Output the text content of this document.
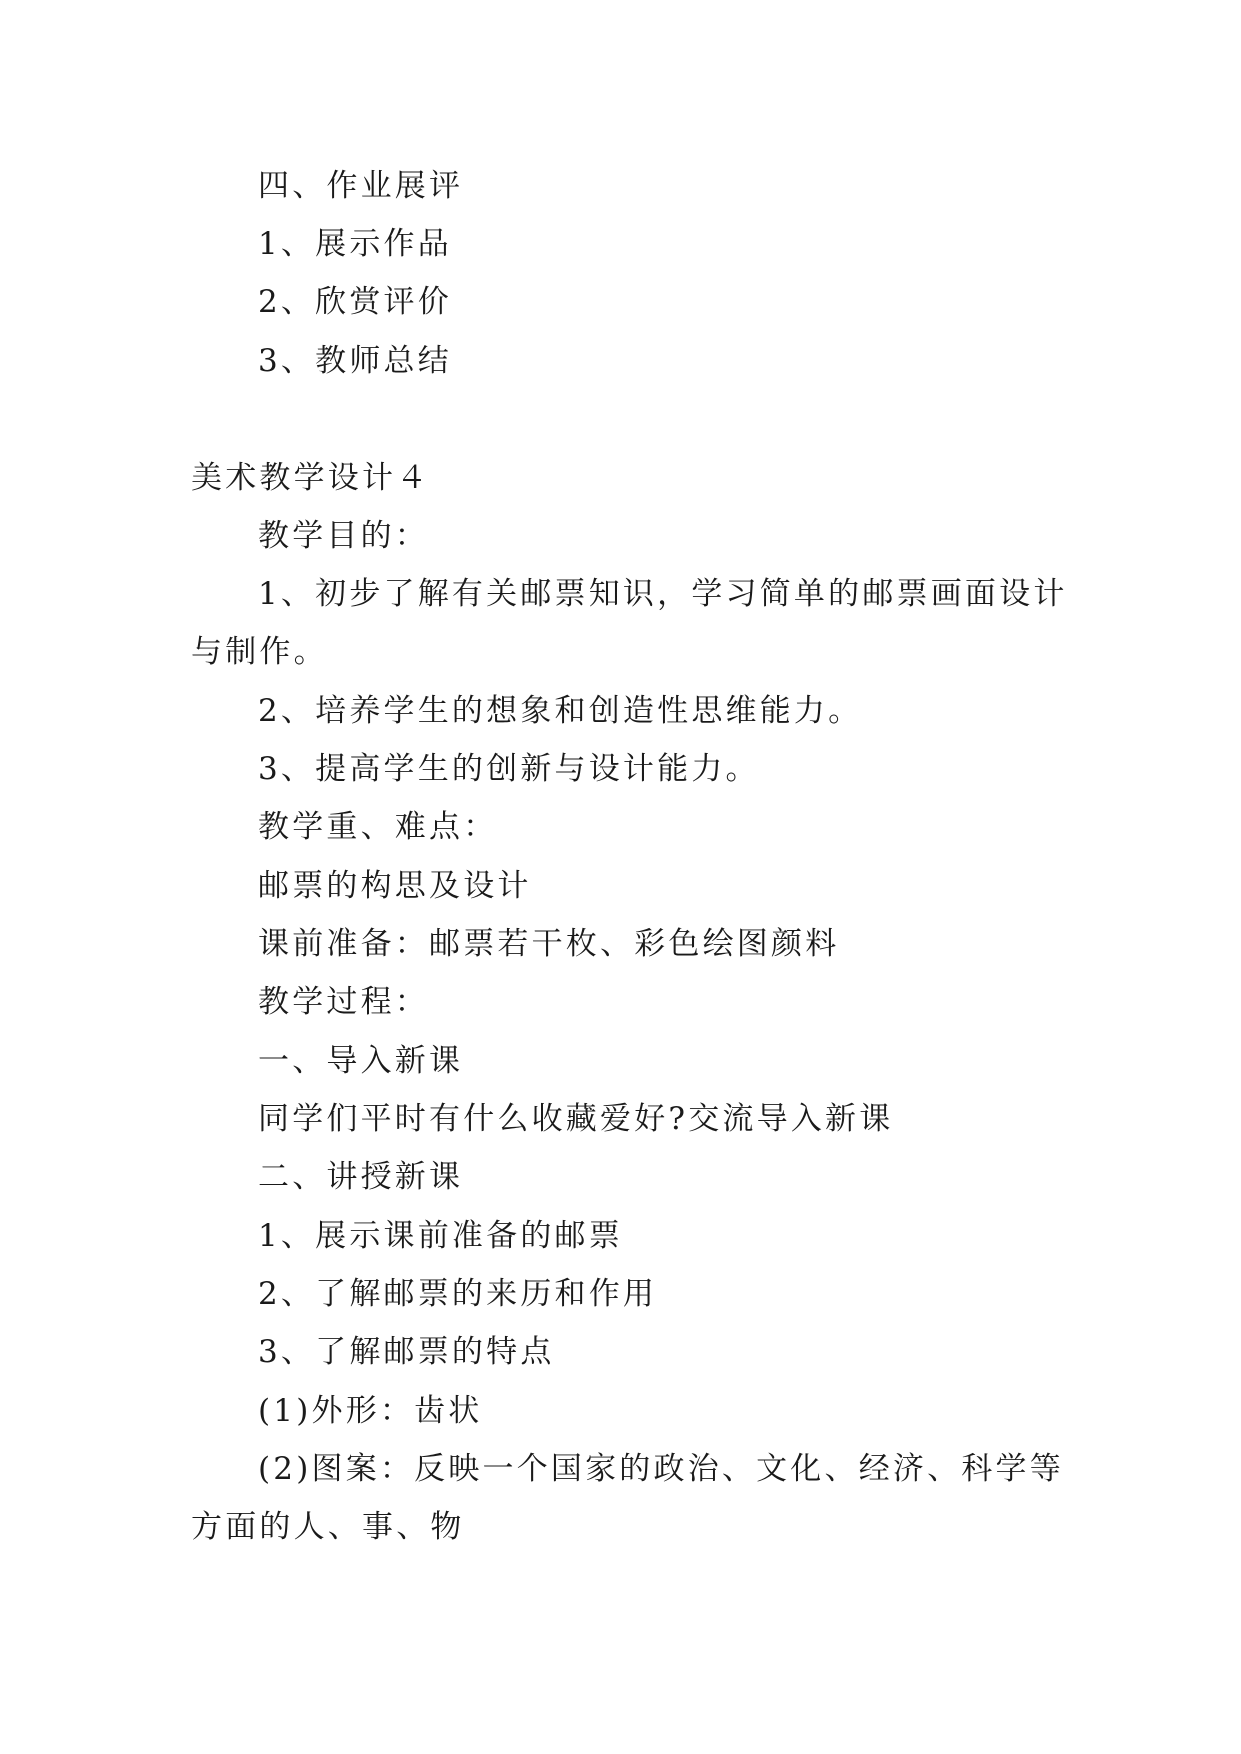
四、作业展评
1、展示作品
2、欣赏评价
3、教师总结
美术教学设计４
教学目的：
1、初步了解有关邮票知识，学习简单的邮票画面设计
与制作。
2、培养学生的想象和创造性思维能力。
3、提高学生的创新与设计能力。
教学重、难点：
邮票的构思及设计
课前准备：邮票若干枚、彩色绘图颜料
教学过程：
一、导入新课
同学们平时有什么收藏爱好?交流导入新课
二、讲授新课
1、展示课前准备的邮票
2、了解邮票的来历和作用
3、了解邮票的特点
(1)外形：齿状
(2)图案：反映一个国家的政治、文化、经济、科学等
方面的人、事、物
